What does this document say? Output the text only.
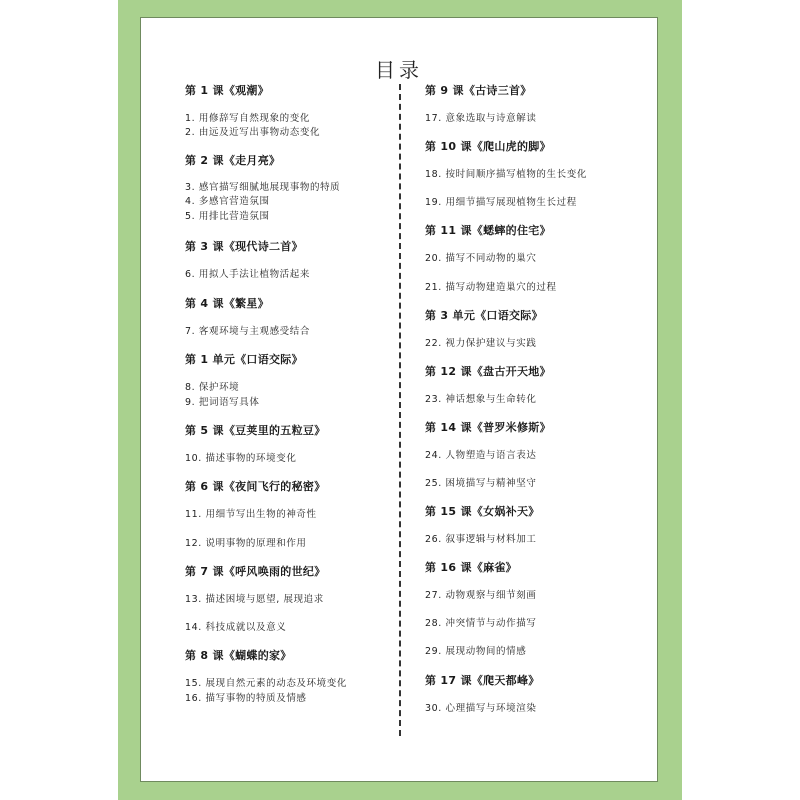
目录
第 1 课《观潮》
1. 用修辞写自然现象的变化
2. 由远及近写出事物动态变化
第 2 课《走月亮》
3. 感官描写细腻地展现事物的特质
4. 多感官营造氛围
5. 用排比营造氛围
第 3 课《现代诗二首》
6. 用拟人手法让植物活起来
第 4 课《繁星》
7. 客观环境与主观感受结合
第 1 单元《口语交际》
8. 保护环境
9. 把词语写具体
第 5 课《豆荚里的五粒豆》
10. 描述事物的环境变化
第 6 课《夜间飞行的秘密》
11. 用细节写出生物的神奇性
12. 说明事物的原理和作用
第 7 课《呼风唤雨的世纪》
13. 描述困境与愿望, 展现追求
14. 科技成就以及意义
第 8 课《蝴蝶的家》
15. 展现自然元素的动态及环境变化
16. 描写事物的特质及情感
第 9 课《古诗三首》
17. 意象选取与诗意解读
第 10 课《爬山虎的脚》
18. 按时间顺序描写植物的生长变化
19. 用细节描写展现植物生长过程
第 11 课《蟋蟀的住宅》
20. 描写不同动物的巢穴
21. 描写动物建造巢穴的过程
第 3 单元《口语交际》
22. 视力保护建议与实践
第 12 课《盘古开天地》
23. 神话想象与生命转化
第 14 课《普罗米修斯》
24. 人物塑造与语言表达
25. 困境描写与精神坚守
第 15 课《女娲补天》
26. 叙事逻辑与材料加工
第 16 课《麻雀》
27. 动物观察与细节刻画
28. 冲突情节与动作描写
29. 展现动物间的情感
第 17 课《爬天都峰》
30. 心理描写与环境渲染
